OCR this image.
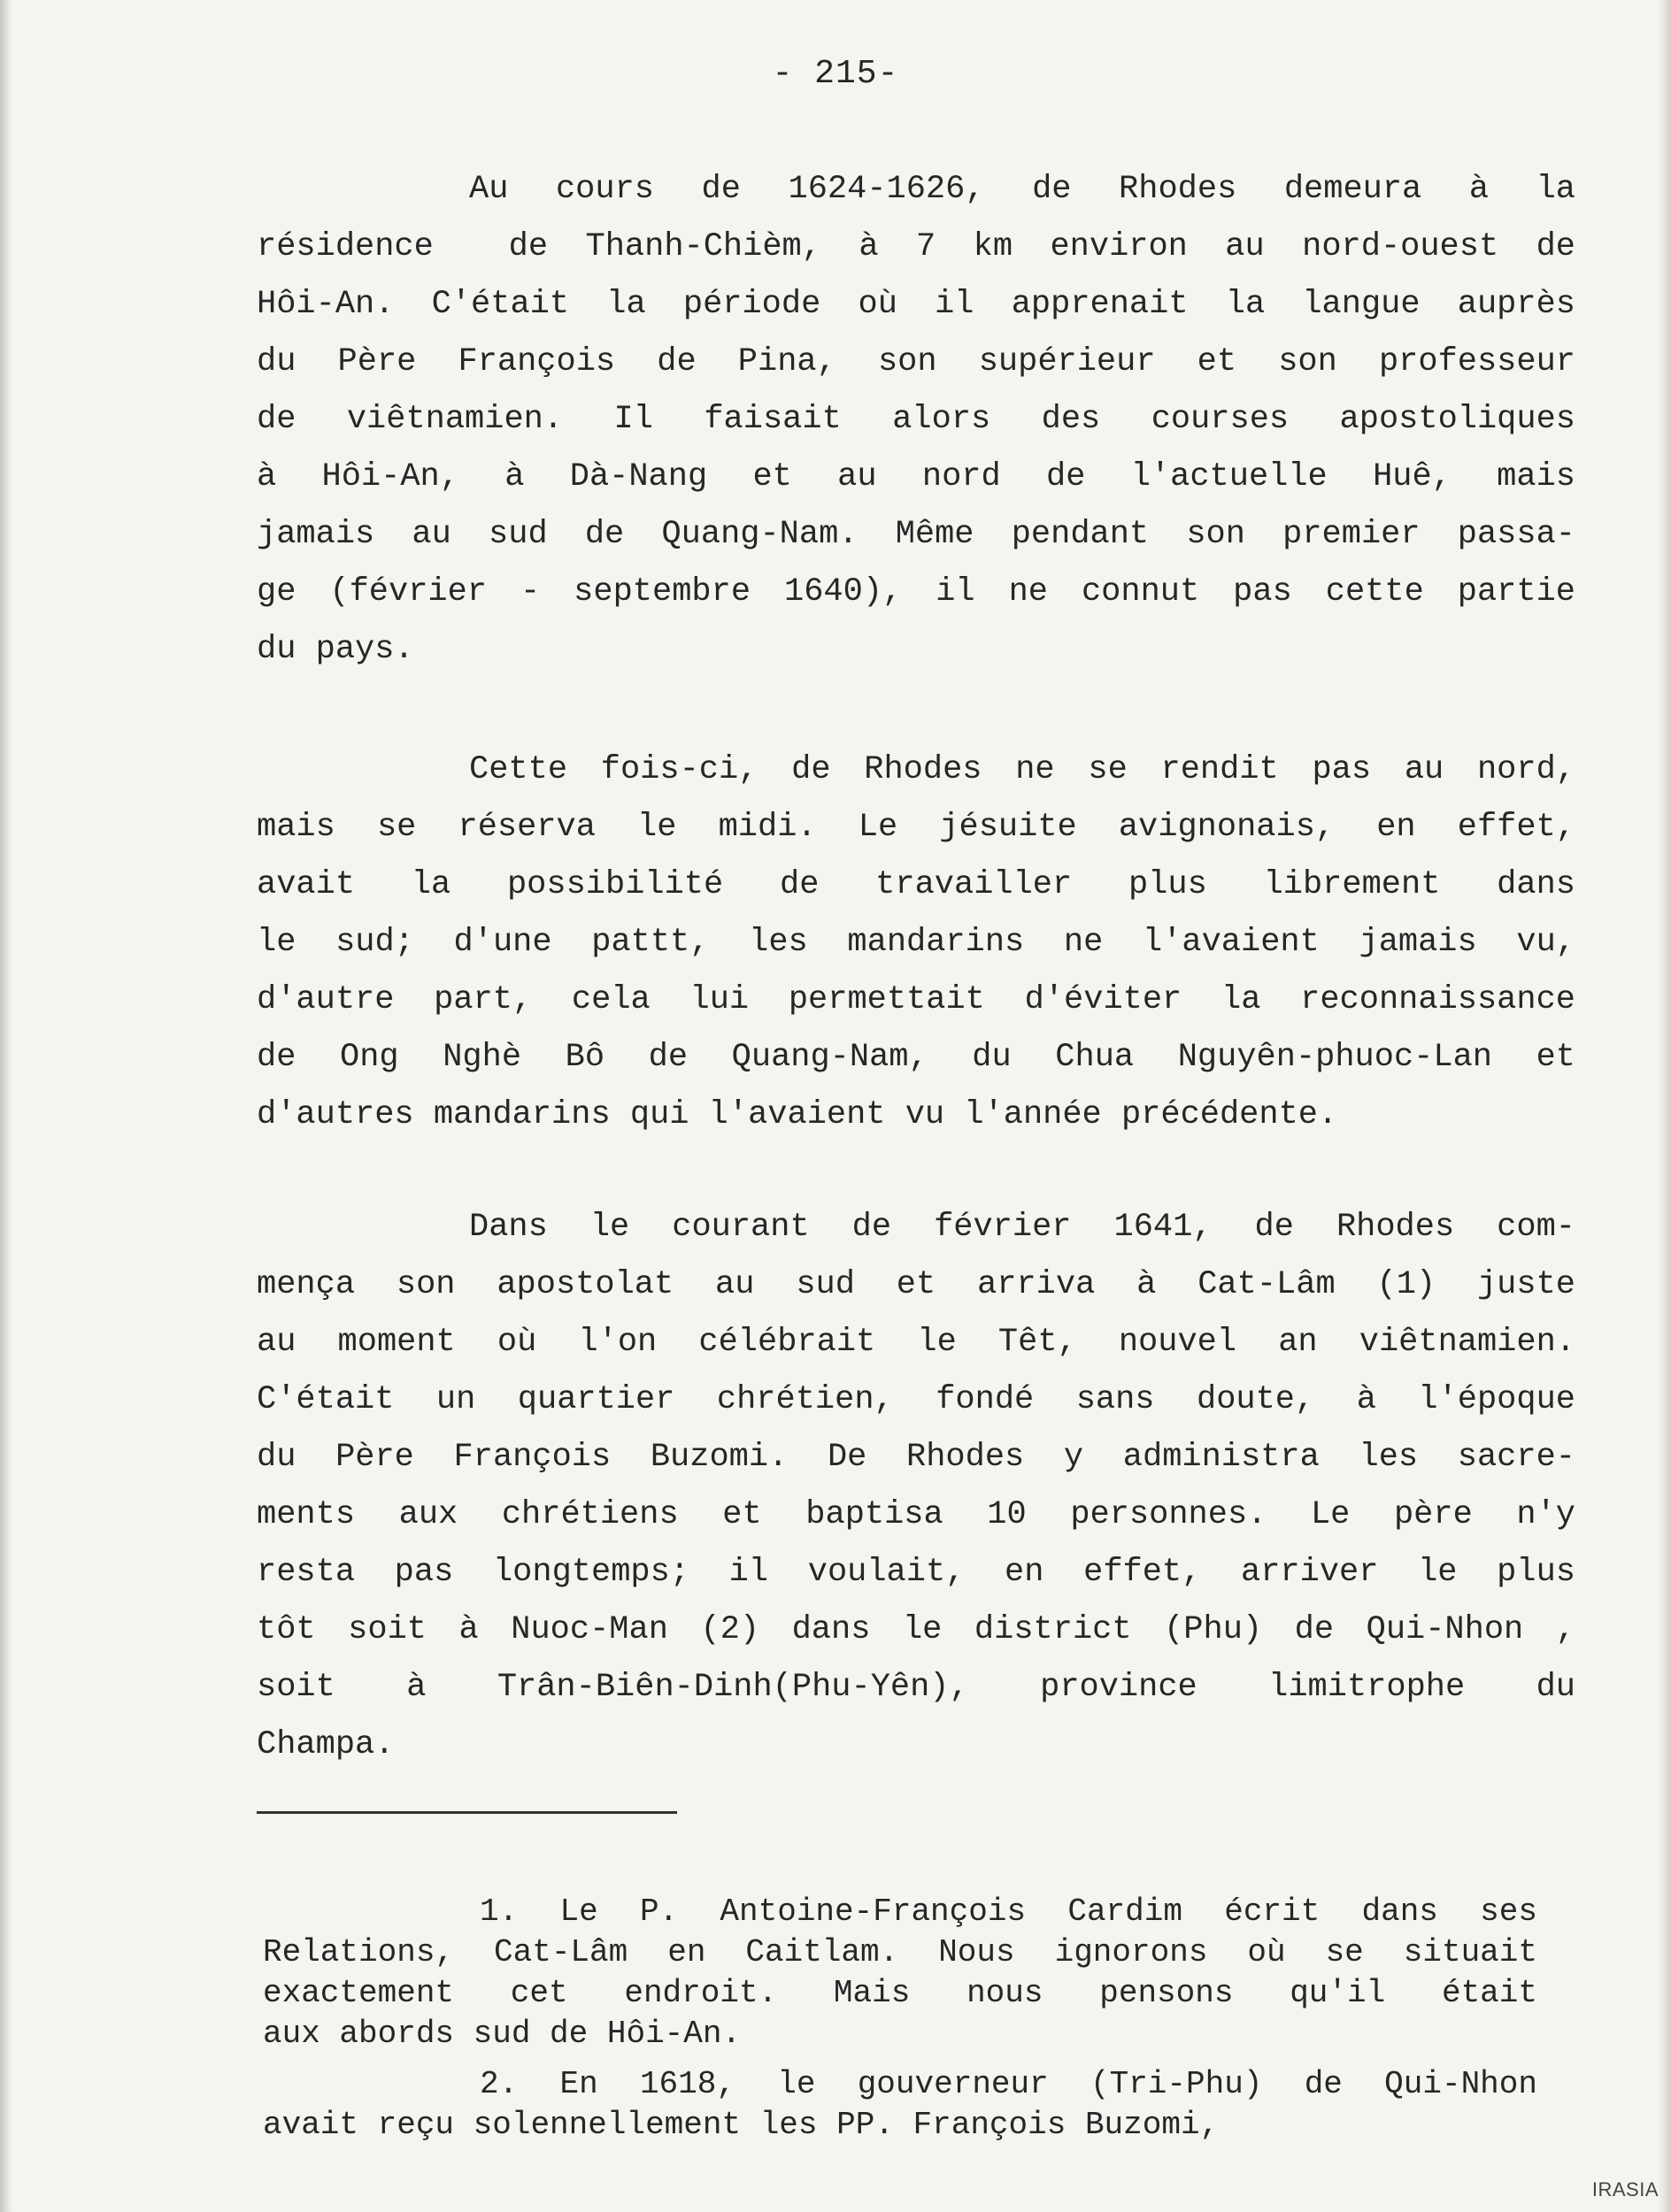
- 215-

Au cours de 1624-1626, de Rhodes demeura à la
résidence  de Thanh-Chièm, à 7 km environ au nord-ouest de
Hôi-An. C'était la période où il apprenait la langue auprès
du Père François de Pina, son supérieur et son professeur
de viêtnamien. Il faisait alors des courses apostoliques
à Hôi-An, à Dà-Nang et au nord de l'actuelle Huê, mais
jamais au sud de Quang-Nam. Même pendant son premier passa-
ge (février - septembre 1640), il ne connut pas cette partie
du pays.

Cette fois-ci, de Rhodes ne se rendit pas au nord,
mais se réserva le midi. Le jésuite avignonais, en effet,
avait la possibilité de travailler plus librement dans
le sud; d'une pattt, les mandarins ne l'avaient jamais vu,
d'autre part, cela lui permettait d'éviter la reconnaissance
de Ong Nghè Bô de Quang-Nam, du Chua Nguyên-phuoc-Lan et
d'autres mandarins qui l'avaient vu l'année précédente.

Dans le courant de février 1641, de Rhodes com-
mença son apostolat au sud et arriva à Cat-Lâm (1) juste
au moment où l'on célébrait le Têt, nouvel an viêtnamien.
C'était un quartier chrétien, fondé sans doute, à l'époque
du Père François Buzomi. De Rhodes y administra les sacre-
ments aux chrétiens et baptisa 10 personnes. Le père n'y
resta pas longtemps; il voulait, en effet, arriver le plus
tôt soit à Nuoc-Man (2) dans le district (Phu) de Qui-Nhon ,
soit à Trân-Biên-Dinh(Phu-Yên), province limitrophe du
Champa.

1. Le P. Antoine-François Cardim écrit dans ses
Relations, Cat-Lâm en Caitlam. Nous ignorons où se situait
exactement cet endroit. Mais nous pensons qu'il était
aux abords sud de Hôi-An.

2. En 1618, le gouverneur (Tri-Phu) de Qui-Nhon
avait reçu solennellement les PP. François Buzomi,

IRASIA
